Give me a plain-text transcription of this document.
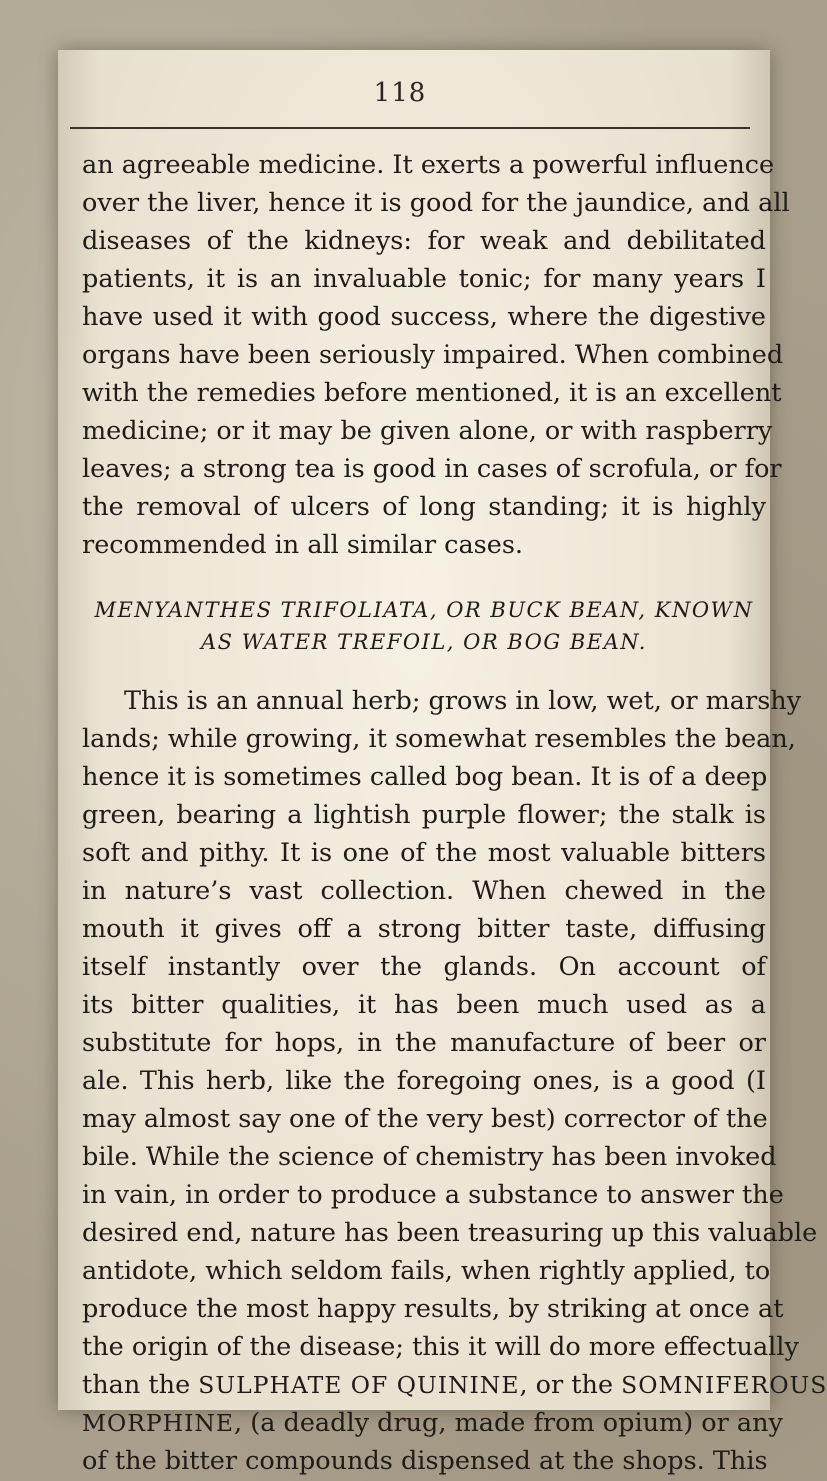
118
an agreeable medicine. It exerts a powerful influence
over the liver, hence it is good for the jaundice, and all
diseases of the kidneys: for weak and debilitated
patients, it is an invaluable tonic; for many years I
have used it with good success, where the digestive
organs have been seriously impaired. When combined
with the remedies before mentioned, it is an excellent
medicine; or it may be given alone, or with raspberry
leaves; a strong tea is good in cases of scrofula, or for
the removal of ulcers of long standing; it is highly
recommended in all similar cases.
MENYANTHES TRIFOLIATA, OR BUCK BEAN, KNOWN
AS WATER TREFOIL, OR BOG BEAN.
This is an annual herb; grows in low, wet, or marshy
lands; while growing, it somewhat resembles the bean,
hence it is sometimes called bog bean. It is of a deep
green, bearing a lightish purple flower; the stalk is
soft and pithy. It is one of the most valuable bitters
in nature’s vast collection. When chewed in the
mouth it gives off a strong bitter taste, diffusing
itself instantly over the glands. On account of
its bitter qualities, it has been much used as a
substitute for hops, in the manufacture of beer or
ale. This herb, like the foregoing ones, is a good (I
may almost say one of the very best) corrector of the
bile. While the science of chemistry has been invoked
in vain, in order to produce a substance to answer the
desired end, nature has been treasuring up this valuable
antidote, which seldom fails, when rightly applied, to
produce the most happy results, by striking at once at
the origin of the disease; this it will do more effectually
than the SULPHATE OF QUININE, or the SOMNIFEROUS
MORPHINE, (a deadly drug, made from opium) or any
of the bitter compounds dispensed at the shops. This
